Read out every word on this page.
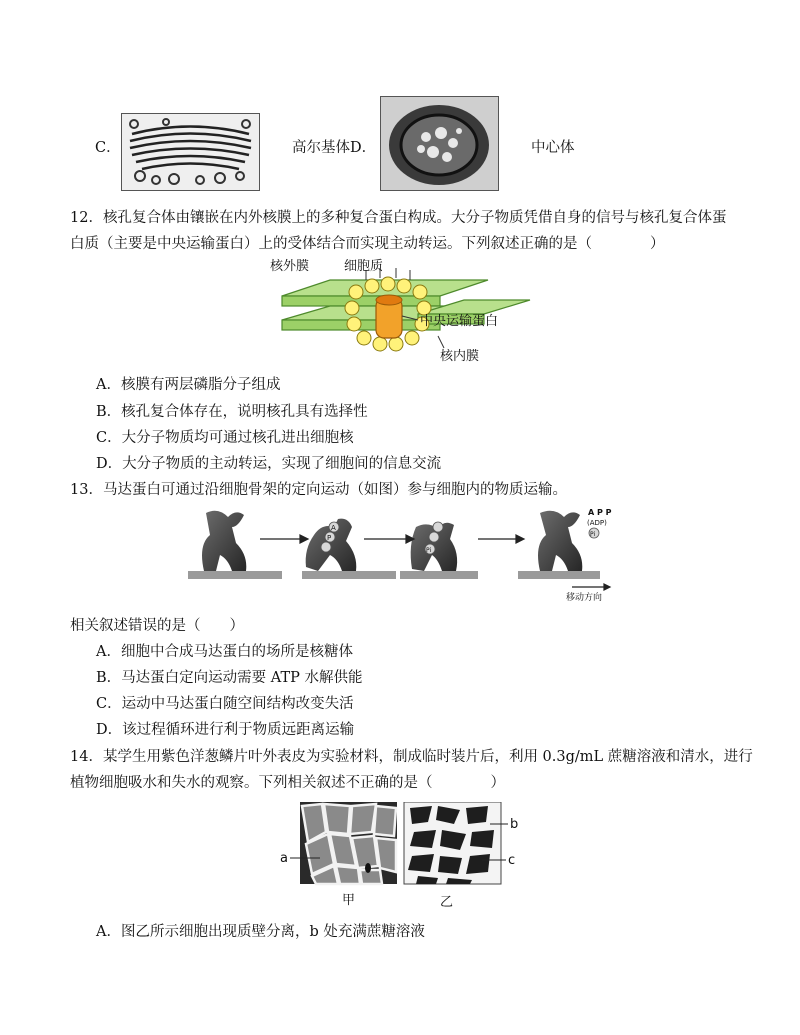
C．	高尔基体D．	中心体
12．核孔复合体由镶嵌在内外核膜上的多种复合蛋白构成。大分子物质凭借自身的信号与核孔复合体蛋
白质（主要是中央运输蛋白）上的受体结合而实现主动转运。下列叙述正确的是（　　　　）
核外膜	细胞质
中央运输蛋白
核内膜
A．核膜有两层磷脂分子组成
B．核孔复合体存在，说明核孔具有选择性
C．大分子物质均可通过核孔进出细胞核
D．大分子物质的主动转运，实现了细胞间的信息交流
13．马达蛋白可通过沿细胞骨架的定向运动（如图）参与细胞内的物质运输。
A
P
Pi
Pi
A P P
(ADP)
移动方向
相关叙述错误的是（　　）
A．细胞中合成马达蛋白的场所是核糖体
B．马达蛋白定向运动需要 ATP 水解供能
C．运动中马达蛋白随空间结构改变失活
D．该过程循环进行利于物质远距离运输
14．某学生用紫色洋葱鳞片叶外表皮为实验材料，制成临时装片后，利用 0.3g/mL 蔗糖溶液和清水，进行
植物细胞吸水和失水的观察。下列相关叙述不正确的是（　　　　）
a
b
c
甲	乙
A．图乙所示细胞出现质壁分离，b 处充满蔗糖溶液
